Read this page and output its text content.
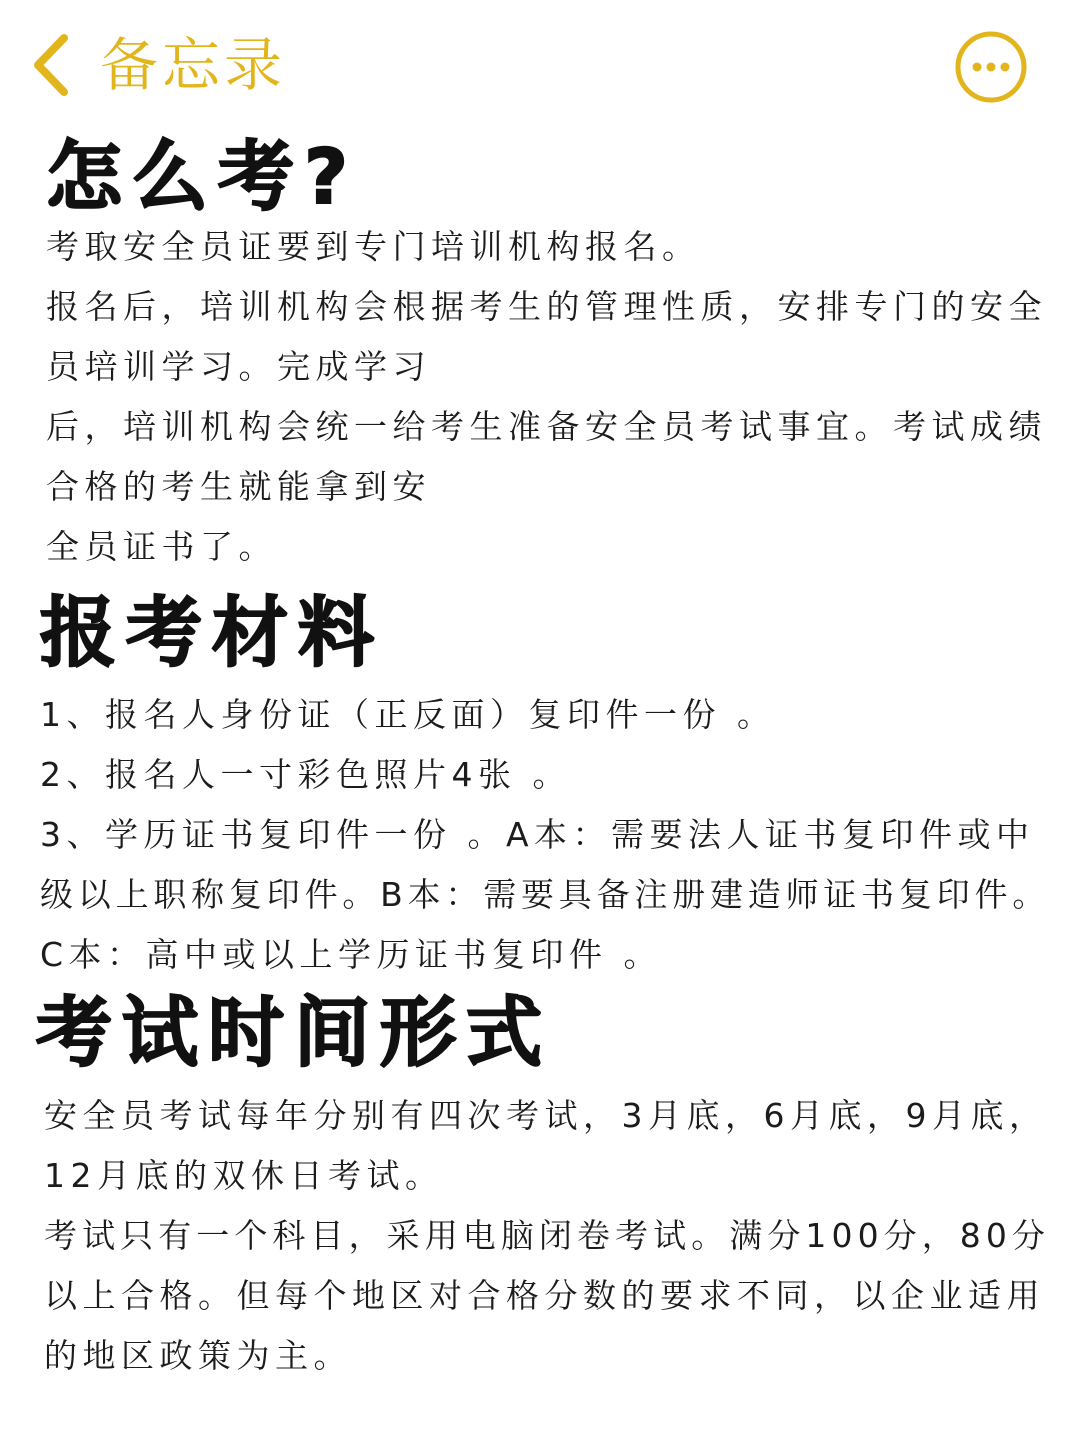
备忘录
怎么考?
考取安全员证要到专门培训机构报名。
报名后，培训机构会根据考生的管理性质，安排专门的安全
员培训学习。完成学习
后，培训机构会统一给考生准备安全员考试事宜。考试成绩
合格的考生就能拿到安
全员证书了。
报考材料
1、报名人身份证（正反面）复印件一份 。
2、报名人一寸彩色照片4张 。
3、学历证书复印件一份 。A本：需要法人证书复印件或中
级以上职称复印件。B本：需要具备注册建造师证书复印件。
C本：高中或以上学历证书复印件 。
考试时间形式
安全员考试每年分别有四次考试，3月底，6月底，9月底，
12月底的双休日考试。
考试只有一个科目，采用电脑闭卷考试。满分100分，80分
以上合格。但每个地区对合格分数的要求不同，以企业适用
的地区政策为主。
